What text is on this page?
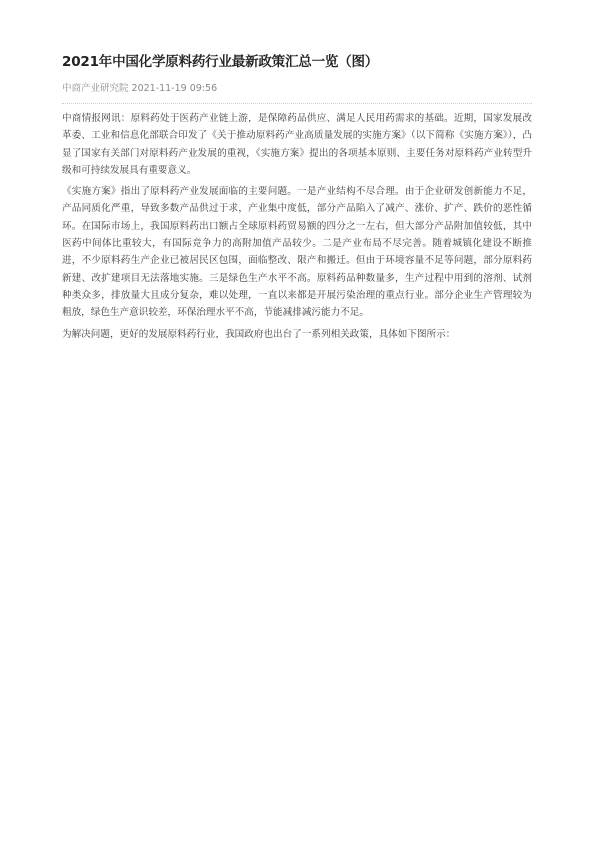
2021年中国化学原料药行业最新政策汇总一览（图）
中商产业研究院 2021-11-19 09:56

中商情报网讯：原料药处于医药产业链上游，是保障药品供应、满足人民用药需求的基础。近期，国家发展改革委、工业和信息化部联合印发了《关于推动原料药产业高质量发展的实施方案》（以下简称《实施方案》），凸显了国家有关部门对原料药产业发展的重视，《实施方案》提出的各项基本原则、主要任务对原料药产业转型升级和可持续发展具有重要意义。

《实施方案》指出了原料药产业发展面临的主要问题。一是产业结构不尽合理。由于企业研发创新能力不足，产品同质化严重，导致多数产品供过于求，产业集中度低，部分产品陷入了减产、涨价、扩产、跌价的恶性循环。在国际市场上，我国原料药出口额占全球原料药贸易额的四分之一左右，但大部分产品附加值较低，其中医药中间体比重较大，有国际竞争力的高附加值产品较少。二是产业布局不尽完善。随着城镇化建设不断推进，不少原料药生产企业已被居民区包围，面临整改、限产和搬迁。但由于环境容量不足等问题，部分原料药新建、改扩建项目无法落地实施。三是绿色生产水平不高。原料药品种数量多，生产过程中用到的溶剂、试剂种类众多，排放量大且成分复杂，难以处理，一直以来都是开展污染治理的重点行业。部分企业生产管理较为粗放，绿色生产意识较差，环保治理水平不高，节能减排减污能力不足。

为解决问题，更好的发展原料药行业，我国政府也出台了一系列相关政策，具体如下图所示：
